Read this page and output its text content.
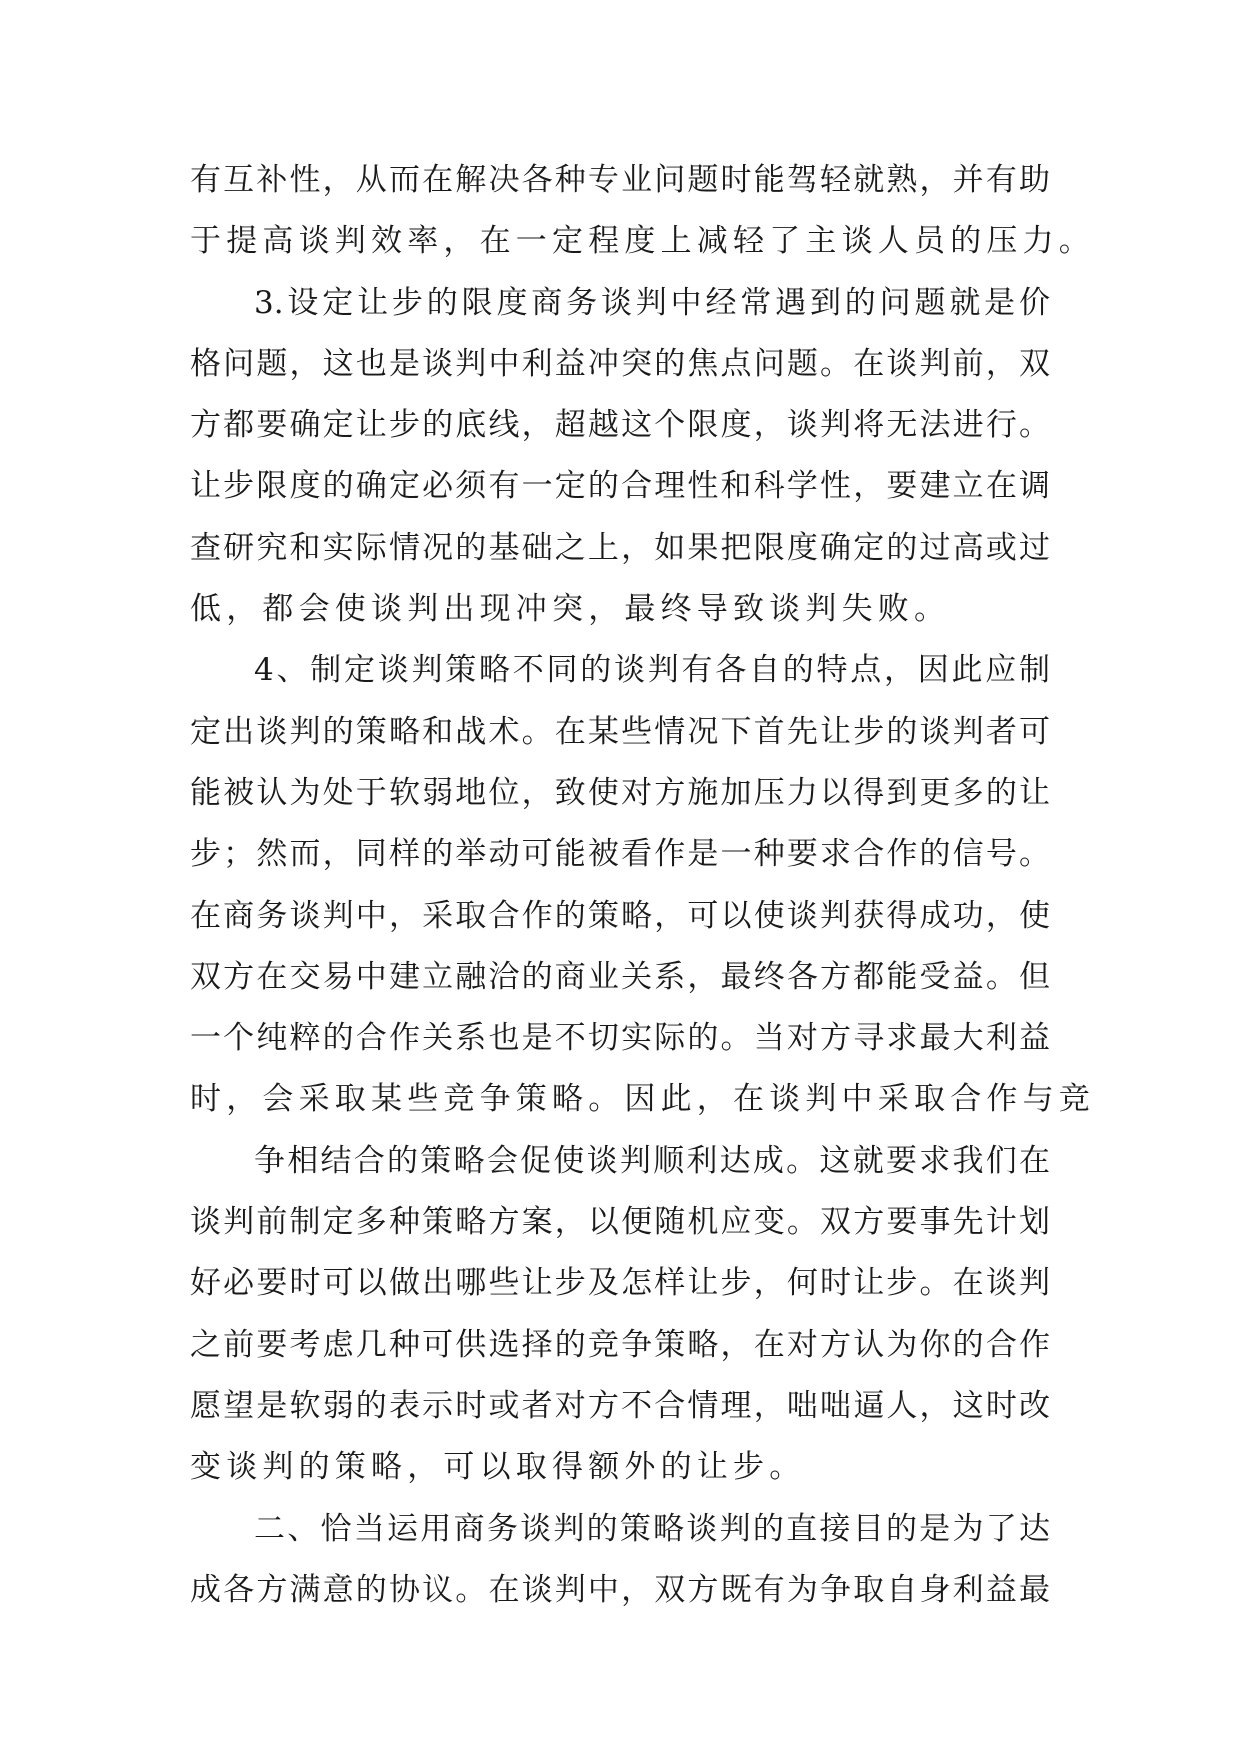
有互补性，从而在解决各种专业问题时能驾轻就熟，并有助
于提高谈判效率，在一定程度上减轻了主谈人员的压力。
3.设定让步的限度商务谈判中经常遇到的问题就是价
格问题，这也是谈判中利益冲突的焦点问题。在谈判前，双
方都要确定让步的底线，超越这个限度，谈判将无法进行。
让步限度的确定必须有一定的合理性和科学性，要建立在调
查研究和实际情况的基础之上，如果把限度确定的过高或过
低，都会使谈判出现冲突，最终导致谈判失败。
4、制定谈判策略不同的谈判有各自的特点，因此应制
定出谈判的策略和战术。在某些情况下首先让步的谈判者可
能被认为处于软弱地位，致使对方施加压力以得到更多的让
步；然而，同样的举动可能被看作是一种要求合作的信号。
在商务谈判中，采取合作的策略，可以使谈判获得成功，使
双方在交易中建立融洽的商业关系，最终各方都能受益。但
一个纯粹的合作关系也是不切实际的。当对方寻求最大利益
时，会采取某些竞争策略。因此，在谈判中采取合作与竞
争相结合的策略会促使谈判顺利达成。这就要求我们在
谈判前制定多种策略方案，以便随机应变。双方要事先计划
好必要时可以做出哪些让步及怎样让步，何时让步。在谈判
之前要考虑几种可供选择的竞争策略，在对方认为你的合作
愿望是软弱的表示时或者对方不合情理，咄咄逼人，这时改
变谈判的策略，可以取得额外的让步。
二、恰当运用商务谈判的策略谈判的直接目的是为了达
成各方满意的协议。在谈判中，双方既有为争取自身利益最
